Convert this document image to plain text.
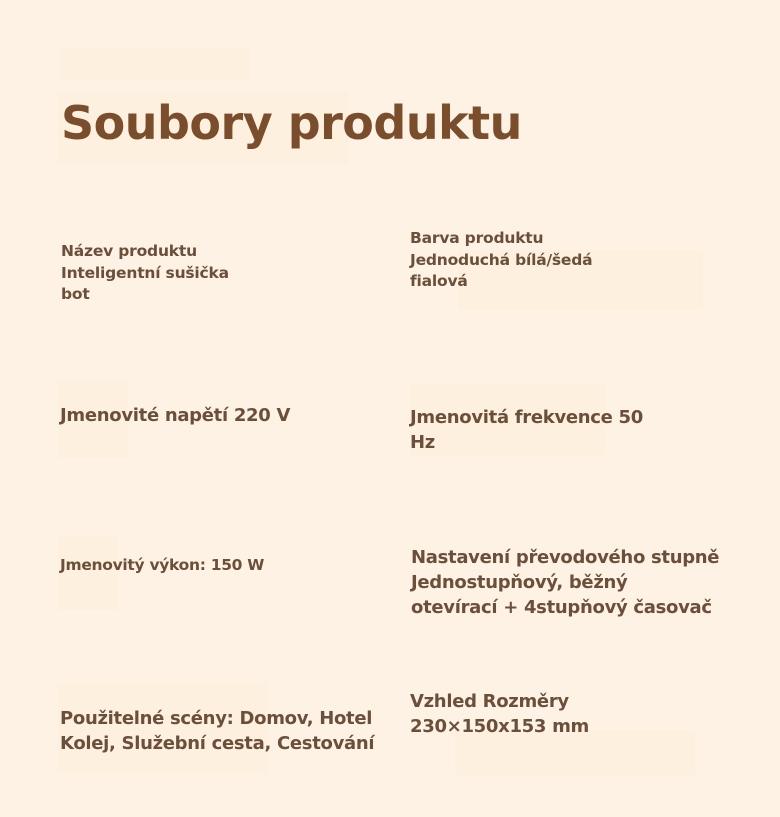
Soubory produktu
Název produktu
Inteligentní sušička
bot
Barva produktu
Jednoduchá bílá/šedá
fialová
Jmenovité napětí 220 V	Jmenovitá frekvence 50
Hz
Jmenovitý výkon: 150 W	Nastavení převodového stupně
Jednostupňový, běžný
otevírací + 4stupňový časovač
Použitelné scény: Domov, Hotel
Kolej, Služební cesta, Cestování
Vzhled Rozměry
230×150x153 mm
